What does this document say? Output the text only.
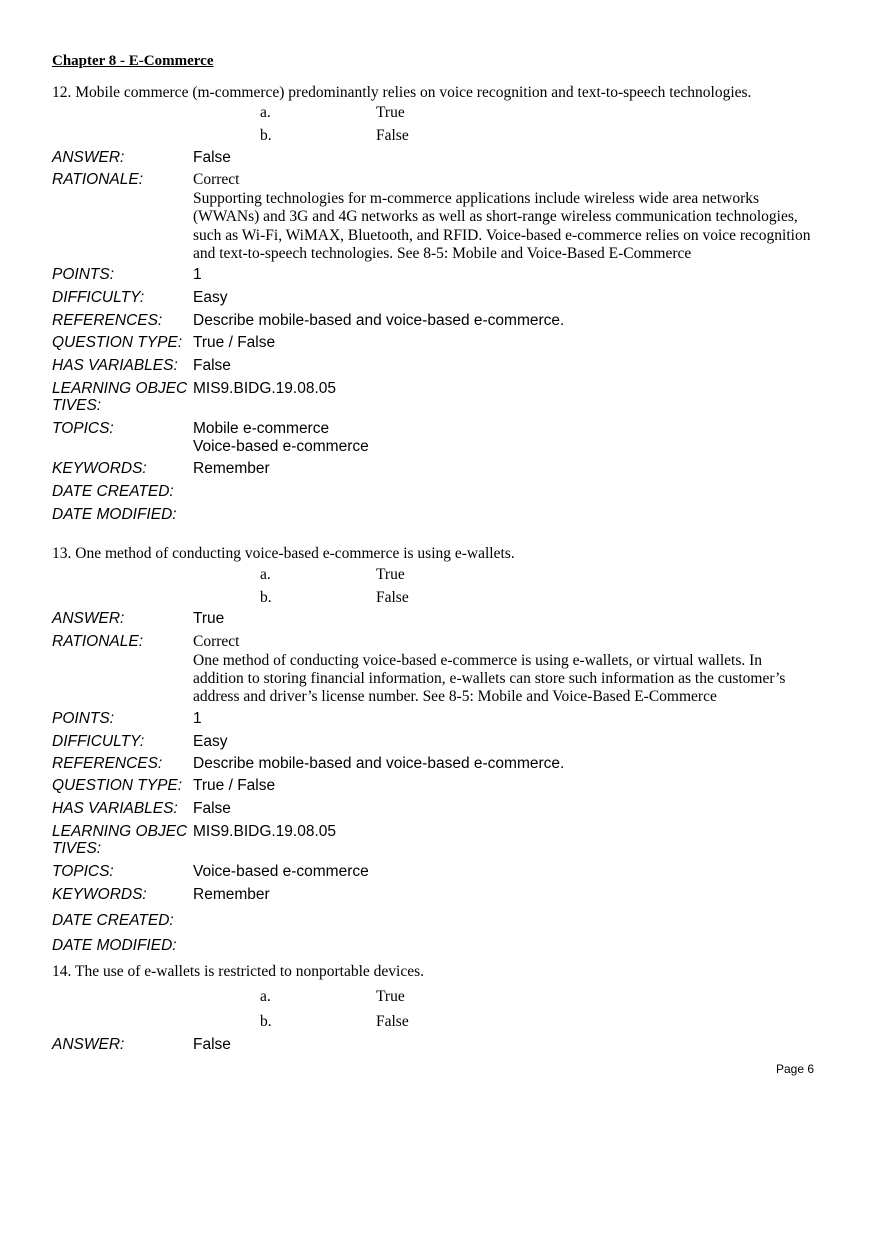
Chapter 8 - E-Commerce
12. Mobile commerce (m-commerce) predominantly relies on voice recognition and text-to-speech technologies.
a.	True
b.	False
ANSWER:	False
RATIONALE:	Correct
Supporting technologies for m-commerce applications include wireless wide area networks
(WWANs) and 3G and 4G networks as well as short-range wireless communication technologies,
such as Wi-Fi, WiMAX, Bluetooth, and RFID. Voice-based e-commerce relies on voice recognition
and text-to-speech technologies. See 8-5: Mobile and Voice-Based E-Commerce
POINTS:	1
DIFFICULTY:	Easy
REFERENCES: Describe mobile-based and voice-based e-commerce.
QUESTION TYPE: True / False
HAS VARIABLES: False
LEARNING OBJEC
TIVES:
MIS9.BIDG.19.08.05
TOPICS:	Mobile e-commerce
Voice-based e-commerce
KEYWORDS:	Remember
DATE CREATED:
DATE MODIFIED:
13. One method of conducting voice-based e-commerce is using e-wallets.
a.	True
b.	False
ANSWER:	True
RATIONALE:	Correct
One method of conducting voice-based e-commerce is using e-wallets, or virtual wallets. In
addition to storing financial information, e-wallets can store such information as the customer’s
address and driver’s license number. See 8-5: Mobile and Voice-Based E-Commerce
POINTS:	1
DIFFICULTY:	Easy
REFERENCES: Describe mobile-based and voice-based e-commerce.
QUESTION TYPE: True / False
HAS VARIABLES: False
LEARNING OBJEC
TIVES:
MIS9.BIDG.19.08.05
TOPICS:	Voice-based e-commerce
KEYWORDS:	Remember
DATE CREATED:
DATE MODIFIED:
14. The use of e-wallets is restricted to nonportable devices.
a.	True
b.	False
ANSWER:	False
Page 6
